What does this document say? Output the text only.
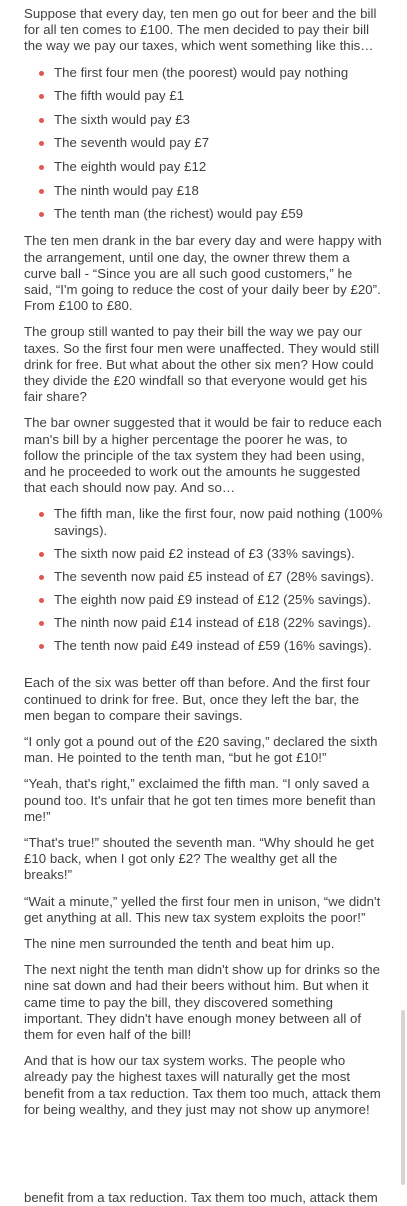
Suppose that every day, ten men go out for beer and the bill for all ten comes to £100. The men decided to pay their bill the way we pay our taxes, which went something like this…

The first four men (the poorest) would pay nothing
The fifth would pay £1
The sixth would pay £3
The seventh would pay £7
The eighth would pay £12
The ninth would pay £18
The tenth man (the richest) would pay £59

The ten men drank in the bar every day and were happy with the arrangement, until one day, the owner threw them a curve ball - “Since you are all such good customers,” he said, “I'm going to reduce the cost of your daily beer by £20”. From £100 to £80.

The group still wanted to pay their bill the way we pay our taxes. So the first four men were unaffected. They would still drink for free. But what about the other six men? How could they divide the £20 windfall so that everyone would get his fair share?

The bar owner suggested that it would be fair to reduce each man's bill by a higher percentage the poorer he was, to follow the principle of the tax system they had been using, and he proceeded to work out the amounts he suggested that each should now pay. And so…

The fifth man, like the first four, now paid nothing (100% savings).
The sixth now paid £2 instead of £3 (33% savings).
The seventh now paid £5 instead of £7 (28% savings).
The eighth now paid £9 instead of £12 (25% savings).
The ninth now paid £14 instead of £18 (22% savings).
The tenth now paid £49 instead of £59 (16% savings).

Each of the six was better off than before. And the first four continued to drink for free. But, once they left the bar, the men began to compare their savings.

“I only got a pound out of the £20 saving,” declared the sixth man. He pointed to the tenth man, “but he got £10!”

“Yeah, that's right,” exclaimed the fifth man. “I only saved a pound too. It's unfair that he got ten times more benefit than me!”

“That's true!” shouted the seventh man. “Why should he get £10 back, when I got only £2? The wealthy get all the breaks!”

“Wait a minute,” yelled the first four men in unison, “we didn't get anything at all. This new tax system exploits the poor!”

The nine men surrounded the tenth and beat him up.

The next night the tenth man didn't show up for drinks so the nine sat down and had their beers without him. But when it came time to pay the bill, they discovered something important. They didn't have enough money between all of them for even half of the bill!

And that is how our tax system works. The people who already pay the highest taxes will naturally get the most benefit from a tax reduction. Tax them too much, attack them for being wealthy, and they just may not show up anymore!

benefit from a tax reduction. Tax them too much, attack them
